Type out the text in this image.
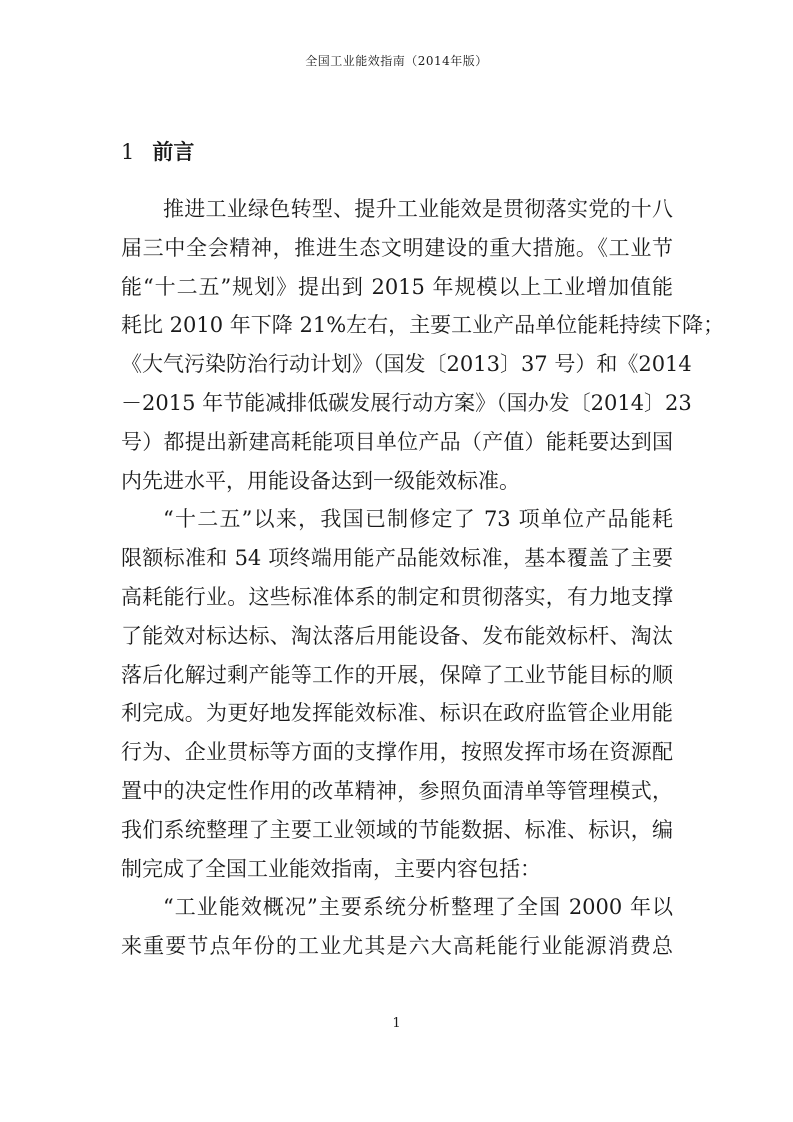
全国工业能效指南（2014年版）
1 前言
推进工业绿色转型、提升工业能效是贯彻落实党的十八
届三中全会精神，推进生态文明建设的重大措施。《工业节
能“十二五”规划》提出到 2015 年规模以上工业增加值能
耗比 2010 年下降 21%左右，主要工业产品单位能耗持续下降；
《大气污染防治行动计划》（国发〔2013〕37 号）和《2014
－2015 年节能减排低碳发展行动方案》（国办发〔2014〕23
号）都提出新建高耗能项目单位产品（产值）能耗要达到国
内先进水平，用能设备达到一级能效标准。
“十二五”以来，我国已制修定了 73 项单位产品能耗
限额标准和 54 项终端用能产品能效标准，基本覆盖了主要
高耗能行业。这些标准体系的制定和贯彻落实，有力地支撑
了能效对标达标、淘汰落后用能设备、发布能效标杆、淘汰
落后化解过剩产能等工作的开展，保障了工业节能目标的顺
利完成。为更好地发挥能效标准、标识在政府监管企业用能
行为、企业贯标等方面的支撑作用，按照发挥市场在资源配
置中的决定性作用的改革精神，参照负面清单等管理模式，
我们系统整理了主要工业领域的节能数据、标准、标识，编
制完成了全国工业能效指南，主要内容包括：
“工业能效概况”主要系统分析整理了全国 2000 年以
来重要节点年份的工业尤其是六大高耗能行业能源消费总
1
